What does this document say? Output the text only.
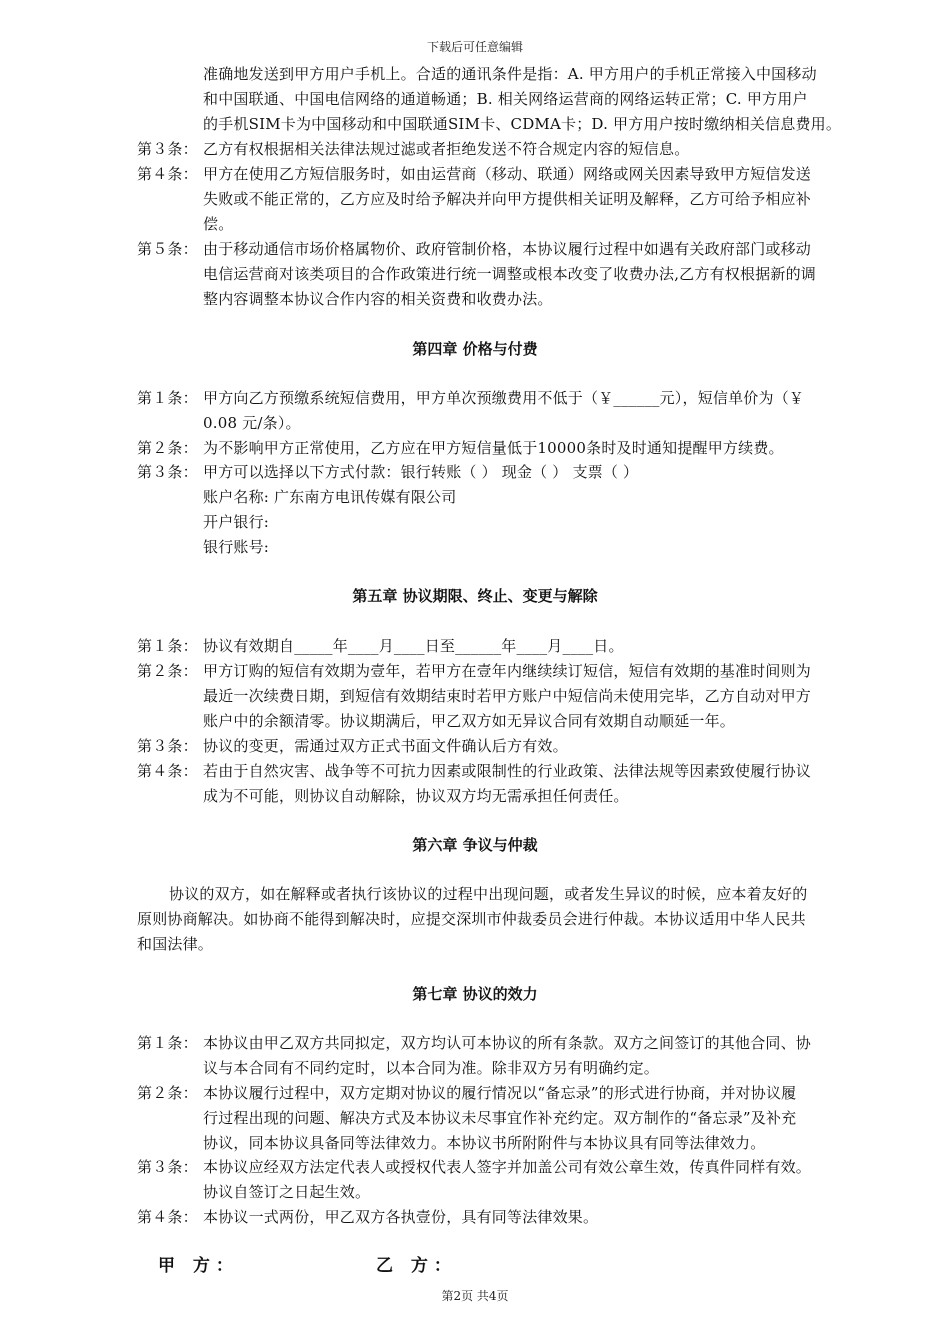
下载后可任意编辑
准确地发送到甲方用户手机上。合适的通讯条件是指：A. 甲方用户的手机正常接入中国移动
和中国联通、中国电信网络的通道畅通；B. 相关网络运营商的网络运转正常；C. 甲方用户
的手机SIM卡为中国移动和中国联通SIM卡、CDMA卡；D. 甲方用户按时缴纳相关信息费用。
第３条： 乙方有权根据相关法律法规过滤或者拒绝发送不符合规定内容的短信息。
第４条： 甲方在使用乙方短信服务时，如由运营商（移动、联通）网络或网关因素导致甲方短信发送
失败或不能正常的，乙方应及时给予解决并向甲方提供相关证明及解释，乙方可给予相应补
偿。
第５条： 由于移动通信市场价格属物价、政府管制价格，本协议履行过程中如遇有关政府部门或移动
电信运营商对该类项目的合作政策进行统一调整或根本改变了收费办法,乙方有权根据新的调
整内容调整本协议合作内容的相关资费和收费办法。
第四章 价格与付费
第１条： 甲方向乙方预缴系统短信费用，甲方单次预缴费用不低于（￥______元），短信单价为（￥
0.08 元/条）。
第２条： 为不影响甲方正常使用，乙方应在甲方短信量低于10000条时及时通知提醒甲方续费。
第３条： 甲方可以选择以下方式付款：银行转账（ ） 现金（ ） 支票（ ）
账户名称: 广东南方电讯传媒有限公司
开户银行:
银行账号:
第五章 协议期限、终止、变更与解除
第１条： 协议有效期自_____年____月____日至______年____月____日。
第２条： 甲方订购的短信有效期为壹年，若甲方在壹年内继续续订短信，短信有效期的基准时间则为
最近一次续费日期，到短信有效期结束时若甲方账户中短信尚未使用完毕，乙方自动对甲方
账户中的余额清零。协议期满后，甲乙双方如无异议合同有效期自动顺延一年。
第３条： 协议的变更，需通过双方正式书面文件确认后方有效。
第４条： 若由于自然灾害、战争等不可抗力因素或限制性的行业政策、法律法规等因素致使履行协议
成为不可能，则协议自动解除，协议双方均无需承担任何责任。
第六章 争议与仲裁
协议的双方，如在解释或者执行该协议的过程中出现问题，或者发生异议的时候，应本着友好的
原则协商解决。如协商不能得到解决时，应提交深圳市仲裁委员会进行仲裁。本协议适用中华人民共
和国法律。
第七章 协议的效力
第１条： 本协议由甲乙双方共同拟定，双方均认可本协议的所有条款。双方之间签订的其他合同、协
议与本合同有不同约定时，以本合同为准。除非双方另有明确约定。
第２条： 本协议履行过程中，双方定期对协议的履行情况以“备忘录”的形式进行协商，并对协议履
行过程出现的问题、解决方式及本协议未尽事宜作补充约定。双方制作的“备忘录”及补充
协议，同本协议具备同等法律效力。本协议书所附附件与本协议具有同等法律效力。
第３条： 本协议应经双方法定代表人或授权代表人签字并加盖公司有效公章生效，传真件同样有效。
协议自签订之日起生效。
第４条： 本协议一式两份，甲乙双方各执壹份，具有同等法律效果。
甲 方：	乙 方：
第2页 共4页
